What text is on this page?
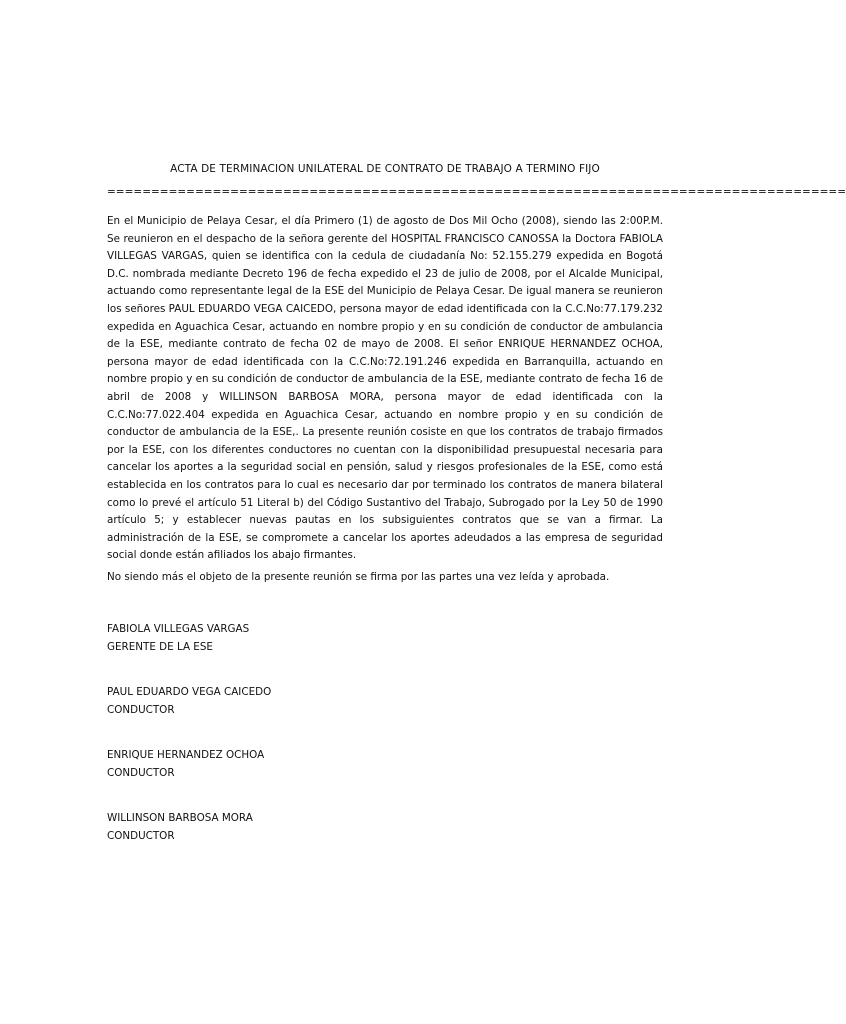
ACTA DE TERMINACION UNILATERAL DE CONTRATO DE TRABAJO A TERMINO FIJO
====================================================================================

En el Municipio de Pelaya Cesar, el día Primero (1) de agosto de Dos Mil Ocho (2008), siendo las 2:00P.M. Se reunieron en el despacho de la señora gerente del HOSPITAL FRANCISCO CANOSSA la Doctora FABIOLA VILLEGAS VARGAS, quien se identifica con la cedula de ciudadanía No: 52.155.279 expedida en Bogotá D.C. nombrada mediante Decreto 196 de fecha expedido el 23 de julio de 2008, por el Alcalde Municipal, actuando como representante legal de la ESE del Municipio de Pelaya Cesar. De igual manera se reunieron los señores PAUL EDUARDO VEGA CAICEDO, persona mayor de edad identificada con la C.C.No:77.179.232 expedida en Aguachica Cesar, actuando en nombre propio y en su condición de conductor de ambulancia de la ESE, mediante contrato de fecha 02 de mayo de 2008. El señor ENRIQUE HERNANDEZ OCHOA, persona mayor de edad identificada con la C.C.No:72.191.246 expedida en Barranquilla, actuando en nombre propio y en su condición de conductor de ambulancia de la ESE, mediante contrato de fecha 16 de abril de 2008 y WILLINSON BARBOSA MORA, persona mayor de edad identificada con la C.C.No:77.022.404 expedida en Aguachica Cesar, actuando en nombre propio y en su condición de conductor de ambulancia de la ESE,. La presente reunión cosiste en que los contratos de trabajo firmados por la ESE, con los diferentes conductores no cuentan con la disponibilidad presupuestal necesaria para cancelar los aportes a la seguridad social en pensión, salud y riesgos profesionales de la ESE, como está establecida en los contratos para lo cual es necesario dar por terminado los contratos de manera bilateral como lo prevé el artículo 51 Literal b) del Código Sustantivo del Trabajo, Subrogado por la Ley 50 de 1990 artículo 5; y establecer nuevas pautas en los subsiguientes contratos que se van a firmar. La administración de la ESE, se compromete a cancelar los aportes adeudados a las empresa de seguridad social donde están afiliados los abajo firmantes.

No siendo más el objeto de la presente reunión se firma por las partes una vez leída y aprobada.

FABIOLA VILLEGAS VARGAS
GERENTE DE LA ESE
PAUL EDUARDO VEGA CAICEDO
CONDUCTOR
ENRIQUE HERNANDEZ OCHOA
CONDUCTOR
WILLINSON BARBOSA MORA
CONDUCTOR
